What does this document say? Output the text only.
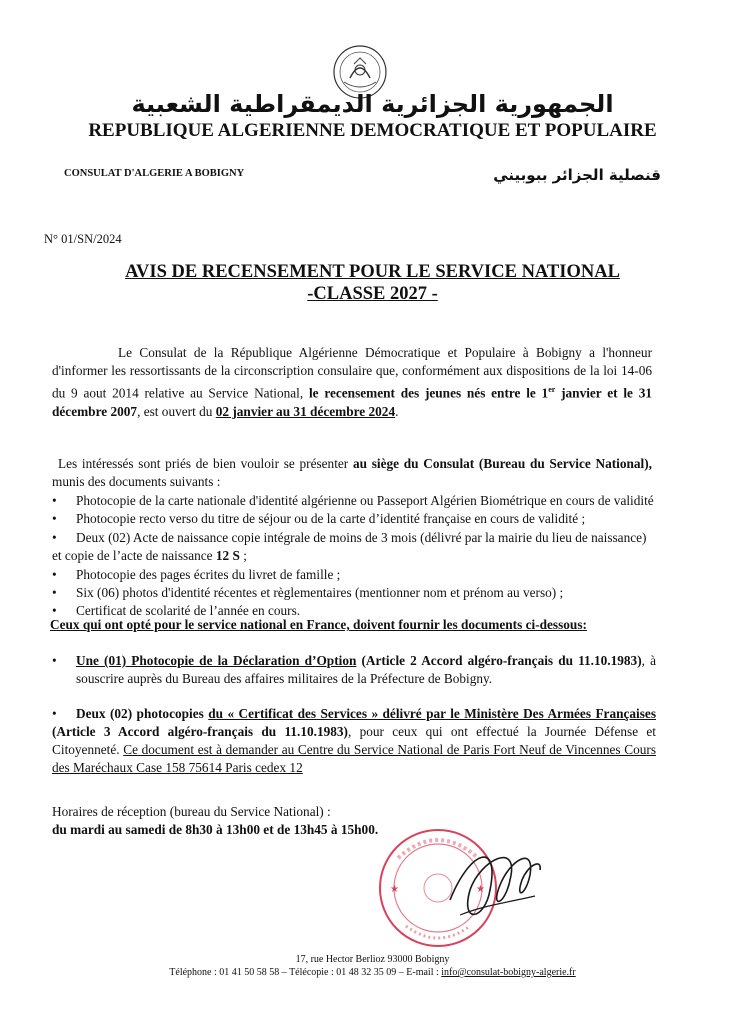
الجمهورية الجزائرية الديمقراطية الشعبية
REPUBLIQUE ALGERIENNE DEMOCRATIQUE ET POPULAIRE
CONSULAT D'ALGERIE A BOBIGNY	قنصلية الجزائر ببوبيني
N° 01/SN/2024
AVIS DE RECENSEMENT POUR LE SERVICE NATIONAL
-CLASSE 2027 -

Le Consulat de la République Algérienne Démocratique et Populaire à Bobigny a l'honneur d'informer les ressortissants de la circonscription consulaire que, conformément aux dispositions de la loi 14-06 du 9 aout 2014 relative au Service National, le recensement des jeunes nés entre le 1er janvier et le 31 décembre 2007, est ouvert du 02 janvier au 31 décembre 2024.

Les intéressés sont priés de bien vouloir se présenter au siège du Consulat (Bureau du Service National), munis des documents suivants :

• Photocopie de la carte nationale d'identité algérienne ou Passeport Algérien Biométrique en cours de validité
• Photocopie recto verso du titre de séjour ou de la carte d’identité française en cours de validité ;
• Deux (02) Acte de naissance copie intégrale de moins de 3 mois (délivré par la mairie du lieu de naissance) et copie de l’acte de naissance 12 S ;
• Photocopie des pages écrites du livret de famille ;
• Six (06) photos d'identité récentes et règlementaires (mentionner nom et prénom au verso) ;
• Certificat de scolarité de l’année en cours.
Ceux qui ont opté pour le service national en France, doivent fournir les documents ci-dessous:
• Une (01) Photocopie de la Déclaration d’Option (Article 2 Accord algéro-français du 11.10.1983), à souscrire auprès du Bureau des affaires militaires de la Préfecture de Bobigny.
• Deux (02) photocopies du « Certificat des Services » délivré par le Ministère Des Armées Françaises (Article 3 Accord algéro-français du 11.10.1983), pour ceux qui ont effectué la Journée Défense et Citoyenneté. Ce document est à demander au Centre du Service National de Paris Fort Neuf de Vincennes Cours des Maréchaux Case 158 75614 Paris cedex 12
Horaires de réception (bureau du Service National) :
du mardi au samedi de 8h30 à 13h00 et de 13h45 à 15h00.
★	★
17, rue Hector Berlioz 93000 Bobigny
Téléphone : 01 41 50 58 58 – Télécopie : 01 48 32 35 09 – E-mail : info@consulat-bobigny-algerie.fr
